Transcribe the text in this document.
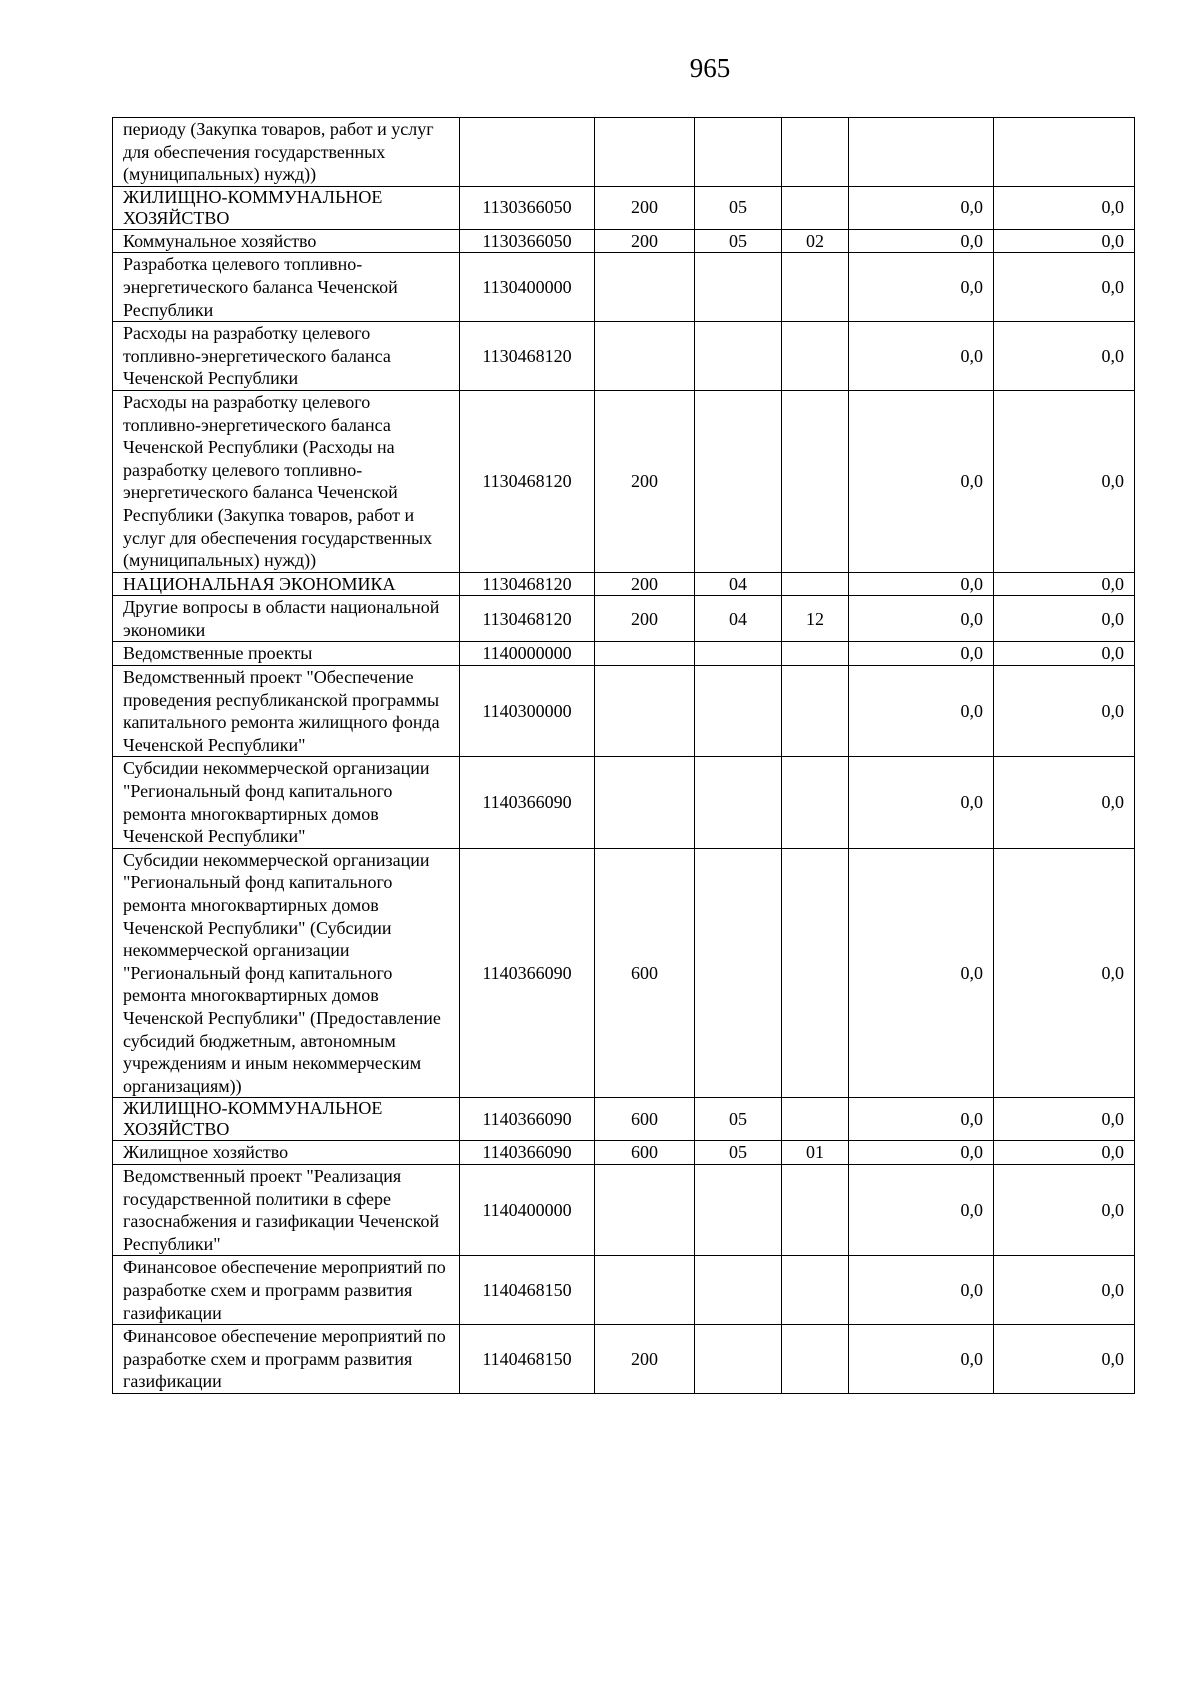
965
периоду (Закупка товаров, работ и услуг для обеспечения государственных (муниципальных) нужд))						
ЖИЛИЩНО-КОММУНАЛЬНОЕ ХОЗЯЙСТВО	1130366050	200	05		0,0	0,0
Коммунальное хозяйство	1130366050	200	05	02	0,0	0,0
Разработка целевого топливно-энергетического баланса Чеченской Республики	1130400000				0,0	0,0
Расходы на разработку целевого топливно-энергетического баланса Чеченской Республики	1130468120				0,0	0,0
Расходы на разработку целевого топливно-энергетического баланса Чеченской Республики (Расходы на разработку целевого топливно-энергетического баланса Чеченской Республики (Закупка товаров, работ и услуг для обеспечения государственных (муниципальных) нужд))	1130468120	200			0,0	0,0
НАЦИОНАЛЬНАЯ ЭКОНОМИКА	1130468120	200	04		0,0	0,0
Другие вопросы в области национальной экономики	1130468120	200	04	12	0,0	0,0
Ведомственные проекты	1140000000				0,0	0,0
Ведомственный проект "Обеспечение проведения республиканской программы капитального ремонта жилищного фонда Чеченской Республики"	1140300000				0,0	0,0
Субсидии некоммерческой организации "Региональный фонд капитального ремонта многоквартирных домов Чеченской Республики"	1140366090				0,0	0,0
Субсидии некоммерческой организации "Региональный фонд капитального ремонта многоквартирных домов Чеченской Республики" (Субсидии некоммерческой организации "Региональный фонд капитального ремонта многоквартирных домов Чеченской Республики" (Предоставление субсидий бюджетным, автономным учреждениям и иным некоммерческим организациям))	1140366090	600			0,0	0,0
ЖИЛИЩНО-КОММУНАЛЬНОЕ ХОЗЯЙСТВО	1140366090	600	05		0,0	0,0
Жилищное хозяйство	1140366090	600	05	01	0,0	0,0
Ведомственный проект "Реализация государственной политики в сфере газоснабжения и газификации Чеченской Республики"	1140400000				0,0	0,0
Финансовое обеспечение мероприятий по разработке схем и программ развития газификации	1140468150				0,0	0,0
Финансовое обеспечение мероприятий по разработке схем и программ развития газификации	1140468150	200			0,0	0,0
